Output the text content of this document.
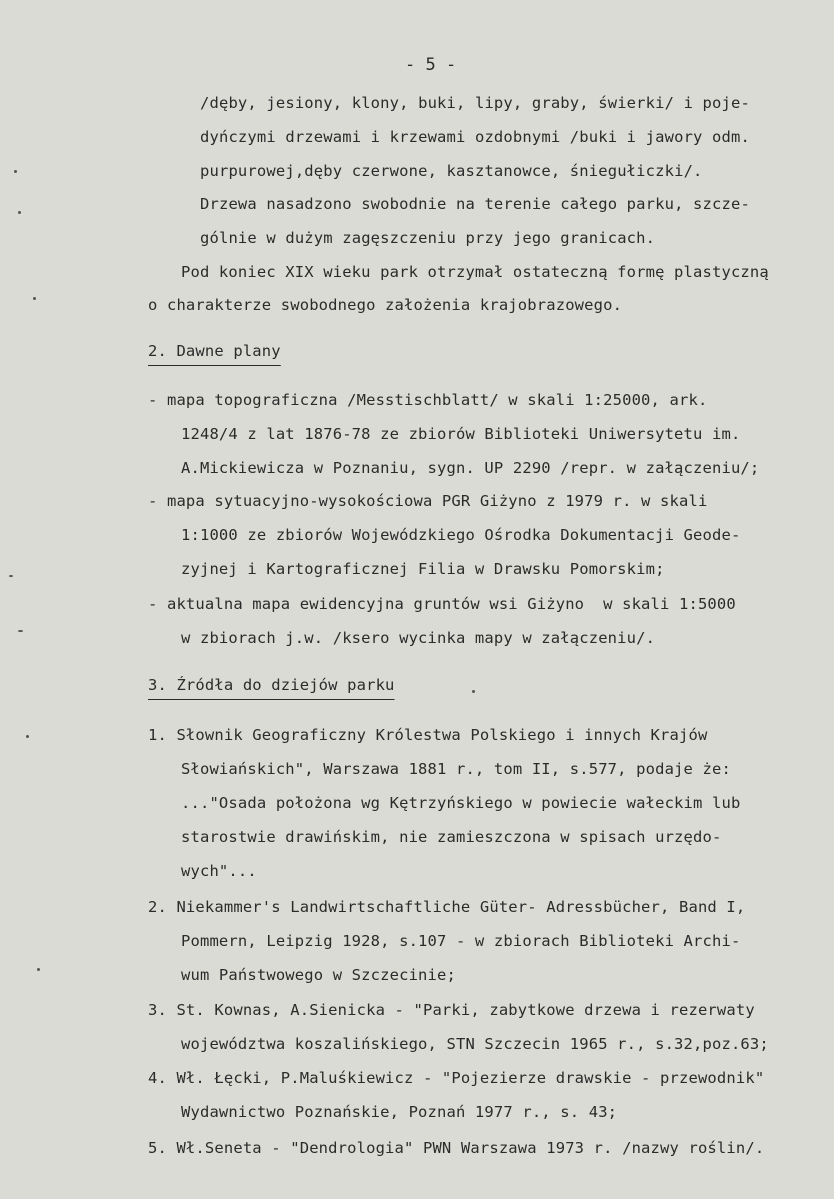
- 5 -
/dęby, jesiony, klony, buki, lipy, graby, świerki/ i poje-
dyńczymi drzewami i krzewami ozdobnymi /buki i jawory odm.
purpurowej,dęby czerwone, kasztanowce, śniegułiczki/.
Drzewa nasadzono swobodnie na terenie całego parku, szcze-
gólnie w dużym zagęszczeniu przy jego granicach.
Pod koniec XIX wieku park otrzymał ostateczną formę plastyczną
o charakterze swobodnego założenia krajobrazowego.
2. Dawne plany
- mapa topograficzna /Messtischblatt/ w skali 1:25000, ark.
1248/4 z lat 1876-78 ze zbiorów Biblioteki Uniwersytetu im.
A.Mickiewicza w Poznaniu, sygn. UP 2290 /repr. w załączeniu/;
- mapa sytuacyjno-wysokościowa PGR Giżyno z 1979 r. w skali
1:1000 ze zbiorów Wojewódzkiego Ośrodka Dokumentacji Geode-
zyjnej i Kartograficznej Filia w Drawsku Pomorskim;
- aktualna mapa ewidencyjna gruntów wsi Giżyno  w skali 1:5000
w zbiorach j.w. /ksero wycinka mapy w załączeniu/.
3. Źródła do dziejów parku
1. Słownik Geograficzny Królestwa Polskiego i innych Krajów
Słowiańskich", Warszawa 1881 r., tom II, s.577, podaje że:
..."Osada położona wg Kętrzyńskiego w powiecie wałeckim lub
starostwie drawińskim, nie zamieszczona w spisach urzędo-
wych"...
2. Niekammer's Landwirtschaftliche Güter- Adressbücher, Band I,
Pommern, Leipzig 1928, s.107 - w zbiorach Biblioteki Archi-
wum Państwowego w Szczecinie;
3. St. Kownas, A.Sienicka - "Parki, zabytkowe drzewa i rezerwaty
województwa koszalińskiego, STN Szczecin 1965 r., s.32,poz.63;
4. Wł. Łęcki, P.Maluśkiewicz - "Pojezierze drawskie - przewodnik"
Wydawnictwo Poznańskie, Poznań 1977 r., s. 43;
5. Wł.Seneta - "Dendrologia" PWN Warszawa 1973 r. /nazwy roślin/.
